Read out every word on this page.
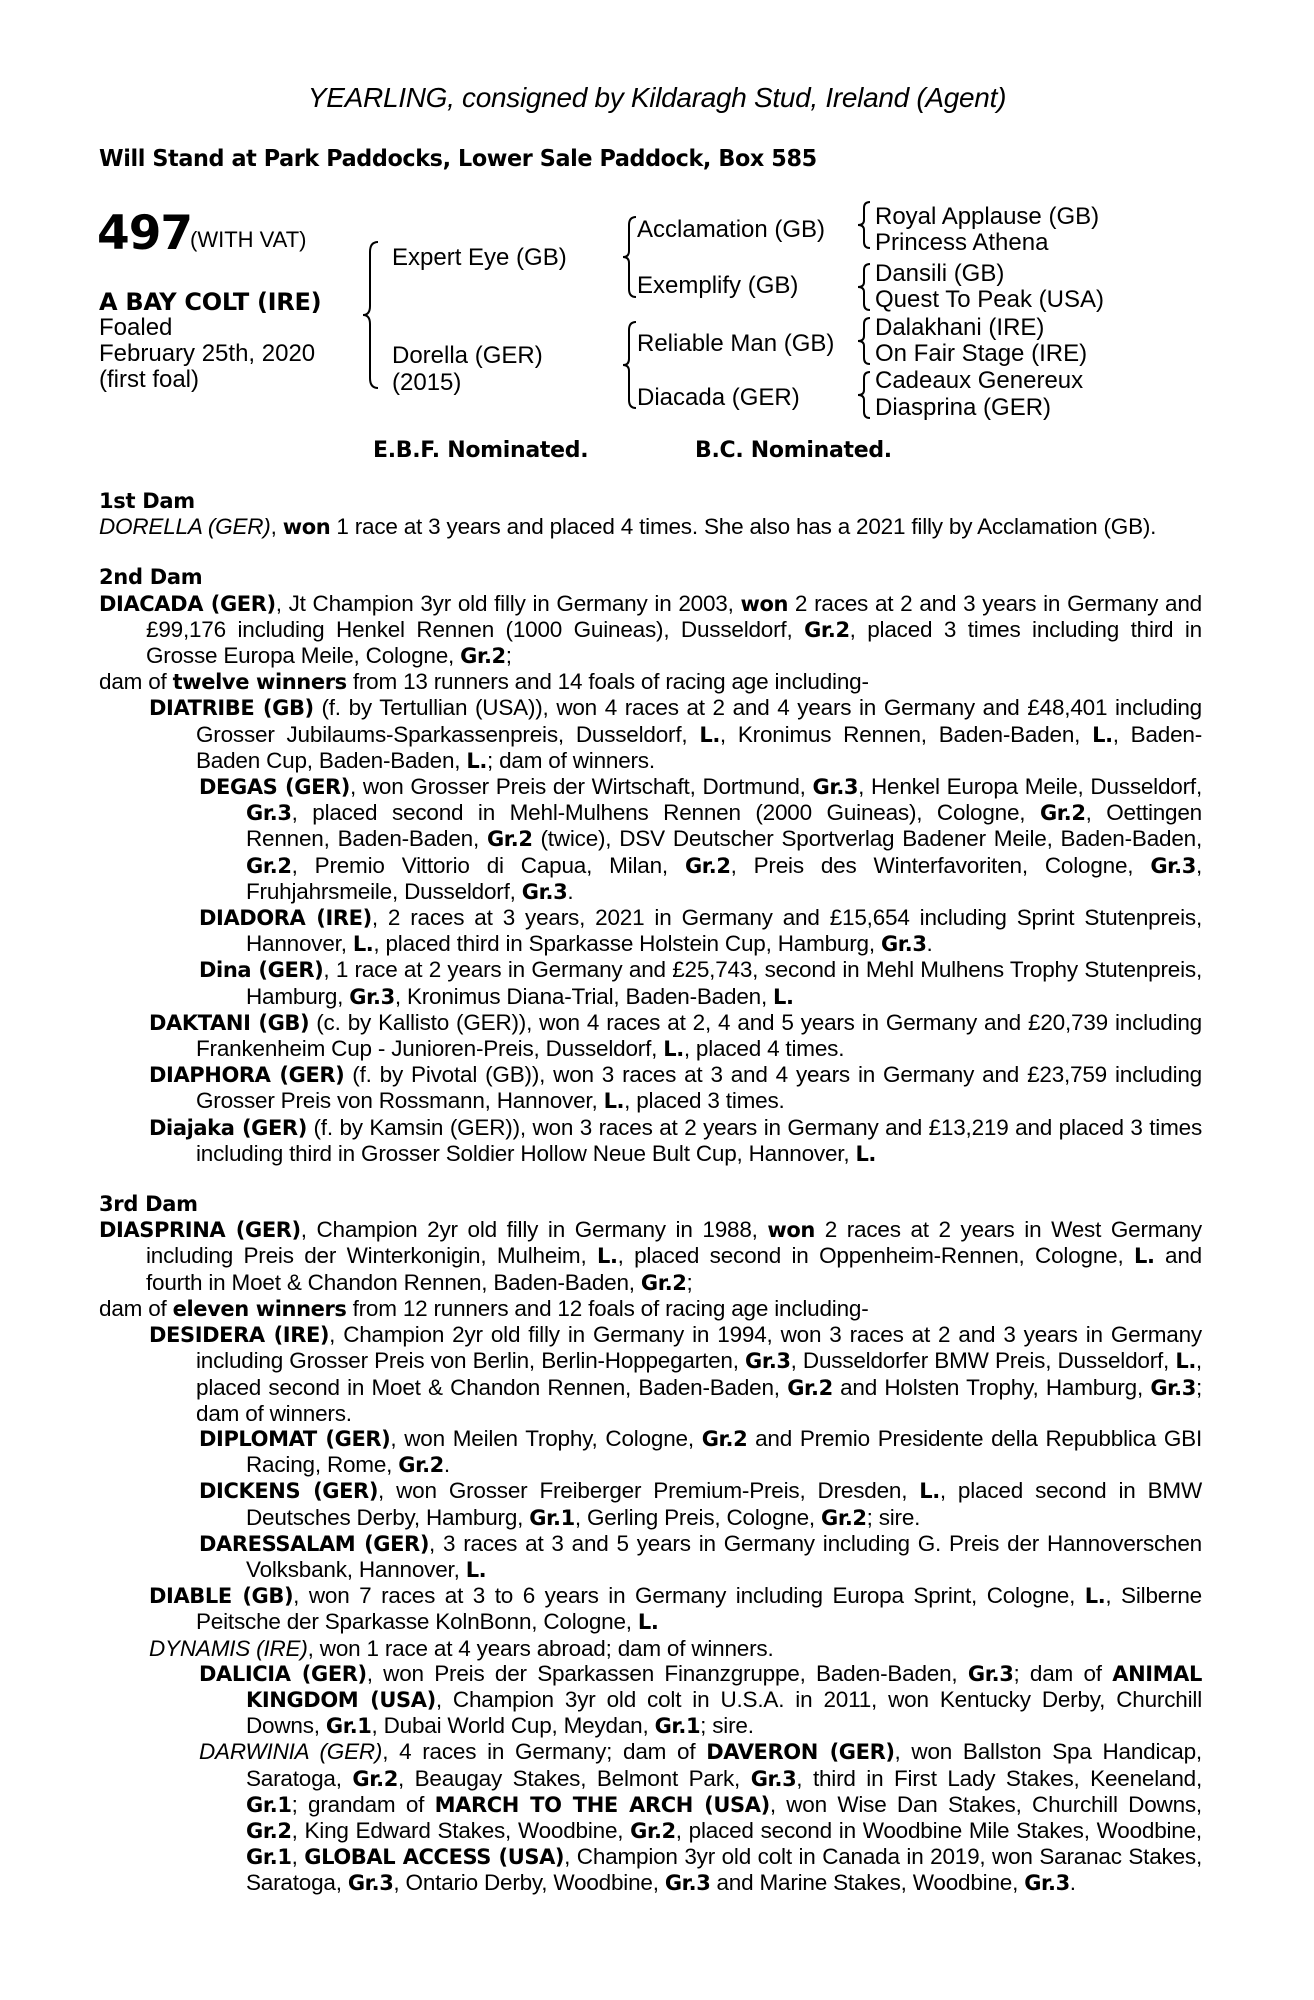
YEARLING, consigned by Kildaragh Stud, Ireland (Agent)
Will Stand at Park Paddocks, Lower Sale Paddock, Box 585
497
(WITH VAT)
A BAY COLT (IRE)
Foaled
February 25th, 2020
(first foal)
Expert Eye (GB)
Dorella (GER)
(2015)
Acclamation (GB)
Exemplify (GB)
Reliable Man (GB)
Diacada (GER)
Royal Applause (GB)
Princess Athena
Dansili (GB)
Quest To Peak (USA)
Dalakhani (IRE)
On Fair Stage (IRE)
Cadeaux Genereux
Diasprina (GER)
E.B.F. Nominated.	B.C. Nominated.
1st Dam
DORELLA (GER), won 1 race at 3 years and placed 4 times. She also has a 2021 filly by Acclamation (GB).
2nd Dam
DIACADA (GER), Jt Champion 3yr old filly in Germany in 2003, won 2 races at 2 and 3 years in Germany and £99,176 including Henkel Rennen (1000 Guineas), Dusseldorf, Gr.2, placed 3 times including third in Grosse Europa Meile, Cologne, Gr.2;
dam of twelve winners from 13 runners and 14 foals of racing age including-
DIATRIBE (GB) (f. by Tertullian (USA)), won 4 races at 2 and 4 years in Germany and £48,401 including Grosser Jubilaums-Sparkassenpreis, Dusseldorf, L., Kronimus Rennen, Baden-Baden, L., Baden-Baden Cup, Baden-Baden, L.; dam of winners.
DEGAS (GER), won Grosser Preis der Wirtschaft, Dortmund, Gr.3, Henkel Europa Meile, Dusseldorf, Gr.3, placed second in Mehl-Mulhens Rennen (2000 Guineas), Cologne, Gr.2, Oettingen Rennen, Baden-Baden, Gr.2 (twice), DSV Deutscher Sportverlag Badener Meile, Baden-Baden, Gr.2, Premio Vittorio di Capua, Milan, Gr.2, Preis des Winterfavoriten, Cologne, Gr.3, Fruhjahrsmeile, Dusseldorf, Gr.3.
DIADORA (IRE), 2 races at 3 years, 2021 in Germany and £15,654 including Sprint Stutenpreis, Hannover, L., placed third in Sparkasse Holstein Cup, Hamburg, Gr.3.
Dina (GER), 1 race at 2 years in Germany and £25,743, second in Mehl Mulhens Trophy Stutenpreis, Hamburg, Gr.3, Kronimus Diana-Trial, Baden-Baden, L.
DAKTANI (GB) (c. by Kallisto (GER)), won 4 races at 2, 4 and 5 years in Germany and £20,739 including Frankenheim Cup - Junioren-Preis, Dusseldorf, L., placed 4 times.
DIAPHORA (GER) (f. by Pivotal (GB)), won 3 races at 3 and 4 years in Germany and £23,759 including Grosser Preis von Rossmann, Hannover, L., placed 3 times.
Diajaka (GER) (f. by Kamsin (GER)), won 3 races at 2 years in Germany and £13,219 and placed 3 times including third in Grosser Soldier Hollow Neue Bult Cup, Hannover, L.
3rd Dam
DIASPRINA (GER), Champion 2yr old filly in Germany in 1988, won 2 races at 2 years in West Germany including Preis der Winterkonigin, Mulheim, L., placed second in Oppenheim-Rennen, Cologne, L. and fourth in Moet & Chandon Rennen, Baden-Baden, Gr.2;
dam of eleven winners from 12 runners and 12 foals of racing age including-
DESIDERA (IRE), Champion 2yr old filly in Germany in 1994, won 3 races at 2 and 3 years in Germany including Grosser Preis von Berlin, Berlin-Hoppegarten, Gr.3, Dusseldorfer BMW Preis, Dusseldorf, L., placed second in Moet & Chandon Rennen, Baden-Baden, Gr.2 and Holsten Trophy, Hamburg, Gr.3; dam of winners.
DIPLOMAT (GER), won Meilen Trophy, Cologne, Gr.2 and Premio Presidente della Repubblica GBI Racing, Rome, Gr.2.
DICKENS (GER), won Grosser Freiberger Premium-Preis, Dresden, L., placed second in BMW Deutsches Derby, Hamburg, Gr.1, Gerling Preis, Cologne, Gr.2; sire.
DARESSALAM (GER), 3 races at 3 and 5 years in Germany including G. Preis der Hannoverschen Volksbank, Hannover, L.
DIABLE (GB), won 7 races at 3 to 6 years in Germany including Europa Sprint, Cologne, L., Silberne Peitsche der Sparkasse KolnBonn, Cologne, L.
DYNAMIS (IRE), won 1 race at 4 years abroad; dam of winners.
DALICIA (GER), won Preis der Sparkassen Finanzgruppe, Baden-Baden, Gr.3; dam of ANIMAL KINGDOM (USA), Champion 3yr old colt in U.S.A. in 2011, won Kentucky Derby, Churchill Downs, Gr.1, Dubai World Cup, Meydan, Gr.1; sire.
DARWINIA (GER), 4 races in Germany; dam of DAVERON (GER), won Ballston Spa Handicap, Saratoga, Gr.2, Beaugay Stakes, Belmont Park, Gr.3, third in First Lady Stakes, Keeneland, Gr.1; grandam of MARCH TO THE ARCH (USA), won Wise Dan Stakes, Churchill Downs, Gr.2, King Edward Stakes, Woodbine, Gr.2, placed second in Woodbine Mile Stakes, Woodbine, Gr.1, GLOBAL ACCESS (USA), Champion 3yr old colt in Canada in 2019, won Saranac Stakes, Saratoga, Gr.3, Ontario Derby, Woodbine, Gr.3 and Marine Stakes, Woodbine, Gr.3.
